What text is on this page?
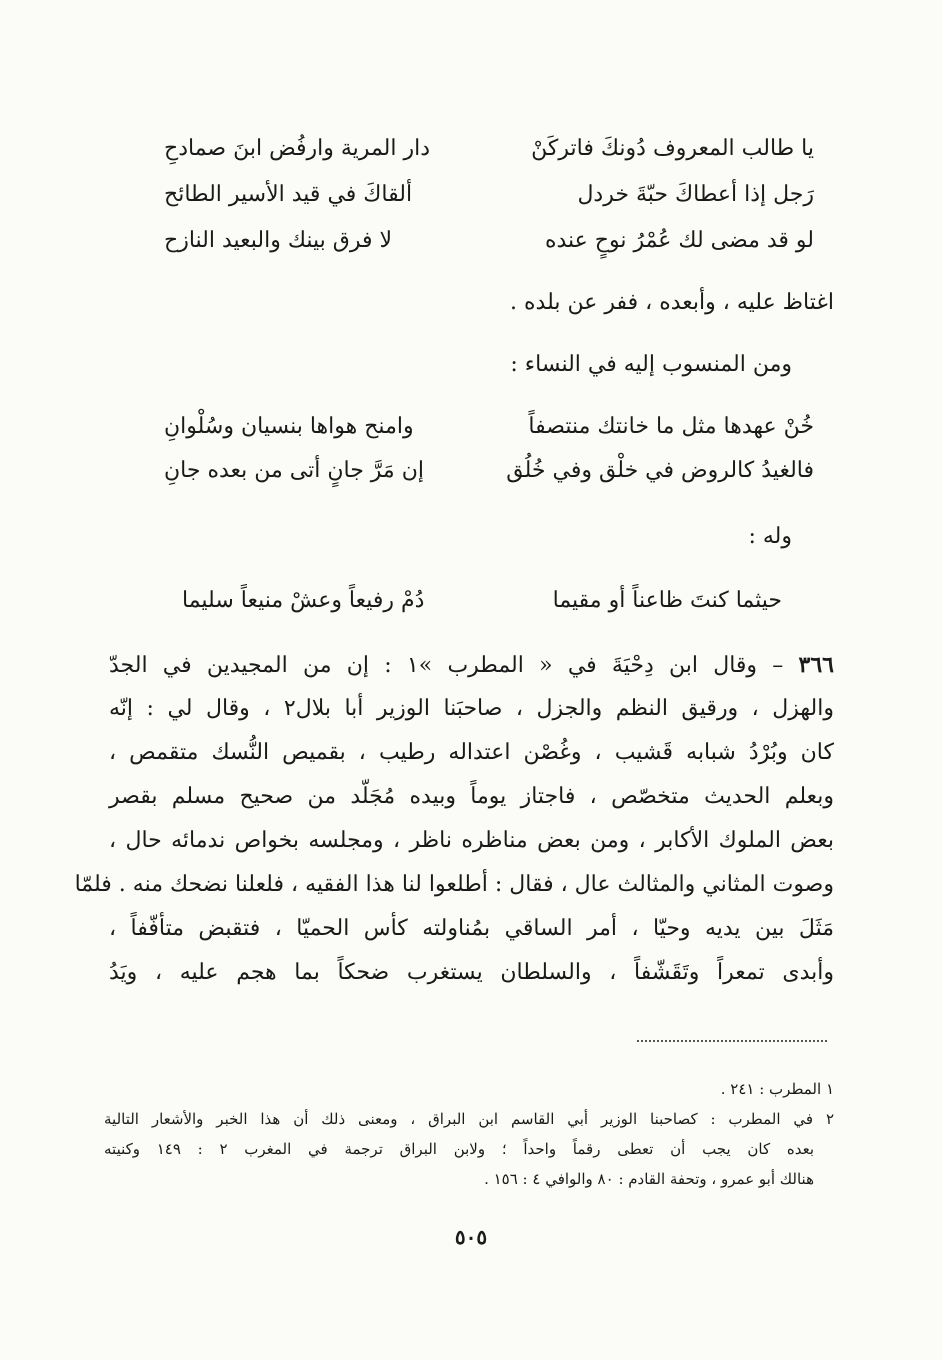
يا طالب المعروف دُونكَ فاتركَنْ
دار المرية وارفُض ابنَ صمادحِ
رَجل إذا أعطاكَ حبّةَ خردل
ألقاكَ في قيد الأسير الطائح
لو قد مضى لك عُمْرُ نوحٍ عنده
لا فرق بينك والبعيد النازح
اغتاظ عليه ، وأبعده ، ففر عن بلده .
ومن المنسوب إليه في النساء :
خُنْ عهدها مثل ما خانتك منتصفاً
وامنح هواها بنسيان وسُلْوانِ
فالغيدُ كالروض في خلْق وفي خُلُق
إن مَرَّ جانٍ أتى من بعده جانِ
وله :
حيثما كنتَ ظاعناً أو مقيما
دُمْ رفيعاً وعشْ منيعاً سليما
٣٦٦ – وقال ابن دِحْيَةَ في « المطرب »١ : إن من المجيدين في الجدّ
والهزل ، ورقيق النظم والجزل ، صاحبَنا الوزير أبا بلال٢ ، وقال لي : إنّه
كان وبُرْدُ شبابه قَشيب ، وغُصْن اعتداله رطيب ، بقميص النُّسك متقمص ،
وبعلم الحديث متخصّص ، فاجتاز يوماً وبيده مُجَلّد من صحيح مسلم بقصر
بعض الملوك الأكابر ، ومن بعض مناظره ناظر ، ومجلسه بخواص ندمائه حال ،
وصوت المثاني والمثالث عال ، فقال : أطلعوا لنا هذا الفقيه ، فلعلنا نضحك منه . فلمّا
مَثَلَ بين يديه وحيّا ، أمر الساقي بمُناولته كأس الحميّا ، فتقبض متأفّفاً ،
وأبدى تمعراً وتَقَشّفاً ، والسلطان يستغرب ضحكاً بما هجم عليه ، ويَدُ
١ المطرب : ٢٤١ .
٢ في المطرب : كصاحبنا الوزير أبي القاسم ابن البراق ، ومعنى ذلك أن هذا الخبر والأشعار التالية
بعده كان يجب أن تعطى رقماً واحداً ؛ ولابن البراق ترجمة في المغرب ٢ : ١٤٩ وكنيته
هنالك أبو عمرو ، وتحفة القادم : ٨٠ والوافي ٤ : ١٥٦ .
٥٠٥
